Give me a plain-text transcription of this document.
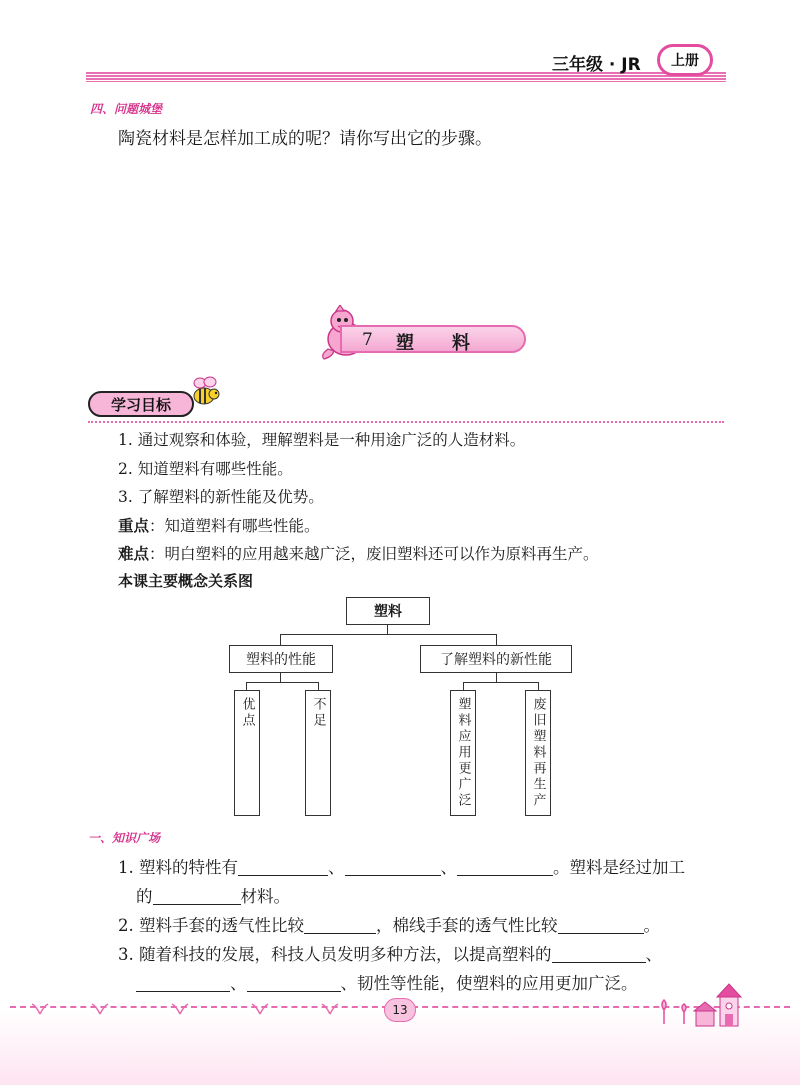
三年级 · JR	上册
四、问题城堡
陶瓷材料是怎样加工成的呢？请你写出它的步骤。
7 塑 料
学习目标
1. 通过观察和体验，理解塑料是一种用途广泛的人造材料。
2. 知道塑料有哪些性能。
3. 了解塑料的新性能及优势。
重点：知道塑料有哪些性能。
难点：明白塑料的应用越来越广泛，废旧塑料还可以作为原料再生产。
本课主要概念关系图
塑料
塑料的性能	了解塑料的新性能
优点	不足	塑料应用更广泛	废旧塑料再生产
一、知识广场
1. 塑料的特性有	、	、	。塑料是经过加工
的	材料。
2. 塑料手套的透气性比较	，棉线手套的透气性比较	。
3. 随着科技的发展，科技人员发明多种方法，以提高塑料的	、
、	、韧性等性能，使塑料的应用更加广泛。
13
